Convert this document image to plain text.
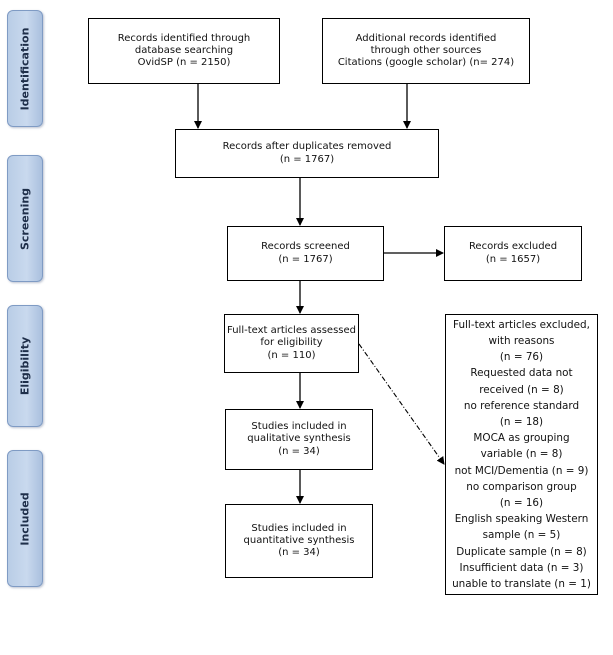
Identification
Screening
Eligibility
Included
Records identified through
database searching
OvidSP (n = 2150)
Additional records identified
through other sources
Citations (google scholar) (n= 274)
Records after duplicates removed
(n = 1767)
Records screened
(n = 1767)
Records excluded
(n = 1657)
Full-text articles assessed
for eligibility
(n = 110)
Full-text articles excluded,
with reasons
(n = 76)
Requested data not
received (n = 8)
no reference standard
(n = 18)
MOCA as grouping
variable (n = 8)
not MCI/Dementia (n = 9)
no comparison group
(n = 16)
English speaking Western
sample (n = 5)
Duplicate sample (n = 8)
Insufficient data (n = 3)
unable to translate (n = 1)
Studies included in
qualitative synthesis
(n = 34)
Studies included in
quantitative synthesis
(n = 34)
